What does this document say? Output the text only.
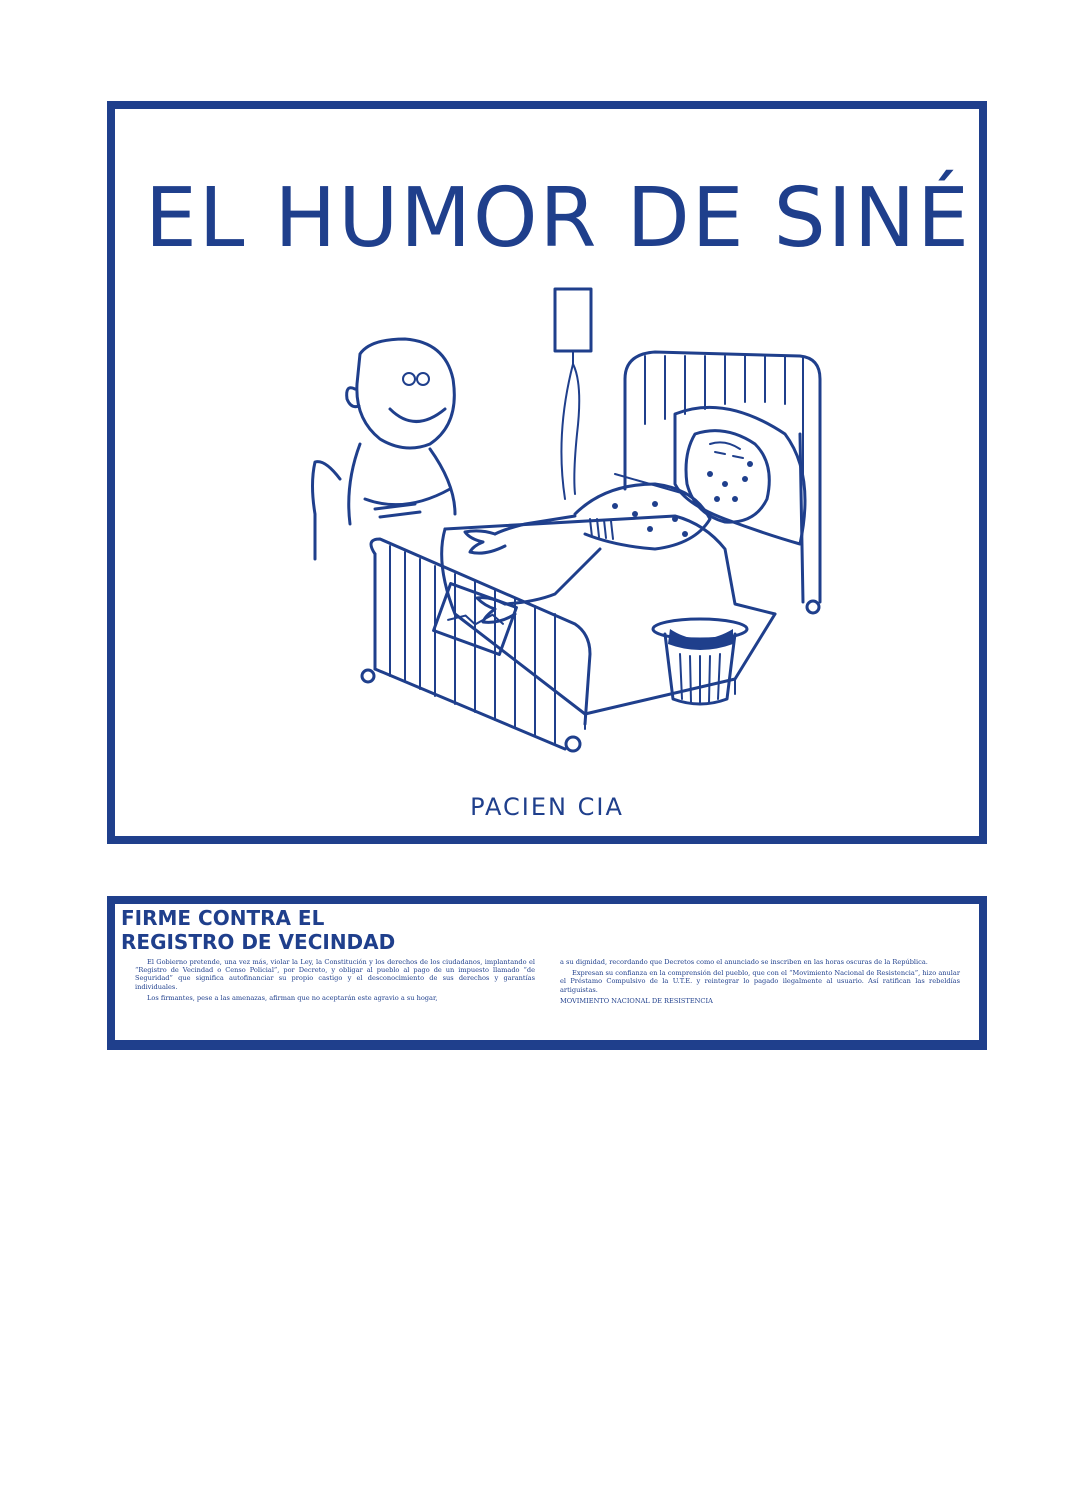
EL HUMOR DE SINÉ
PACIEN CIA
FIRME CONTRA EL
REGISTRO DE VECINDAD

El Gobierno pretende, una vez más, violar la Ley, la Constitución y los derechos de los ciudadanos, implantando el “Registro de Vecindad o Censo Policial”, por Decreto, y obligar al pueblo al pago de un impuesto llamado “de Seguridad” que significa autofinanciar su propio castigo y el desconocimiento de sus derechos y garantías individuales.

Los firmantes, pese a las amenazas, afirman que no aceptarán este agravio a su hogar,

a su dignidad, recordando que Decretos como el anunciado se inscriben en las horas oscuras de la República.

Expresan su confianza en la comprensión del pueblo, que con el “Movimiento Nacional de Resistencia”, hizo anular el Préstamo Compulsivo de la U.T.E. y reintegrar lo pagado ilegalmente al usuario. Así ratifican las rebeldías artiguistas.

MOVIMIENTO NACIONAL DE RESISTENCIA
